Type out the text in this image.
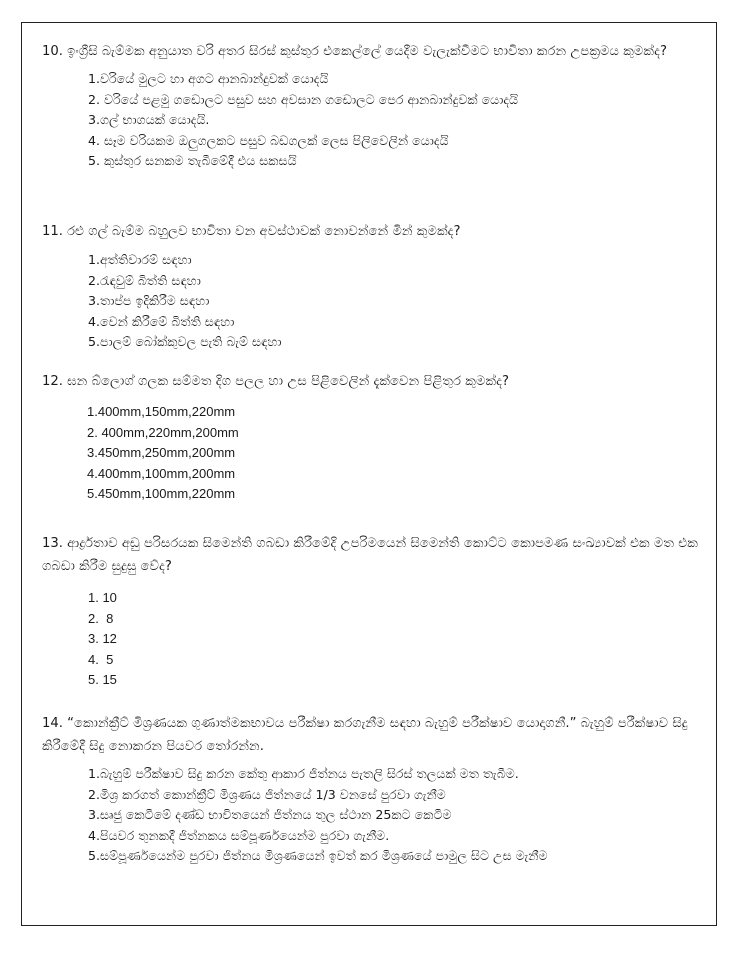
10. ඉංග්‍රීසි බැම්මක අනුයාත වරි අතර සිරස් කුස්තුර එකෙල්ලේ යෙදීම වැලැක්වීමට භාවිතා කරන උපක්‍රමය කුමක්ද?

1.වරියේ මුලට හා අගට ආනබාන්දුවක් යොදයි
2. වරියේ පළමු ගඩොලට පසුව සහ අවසාන ගඩොලට පෙර ආනබාන්දුවක් යොදයි
3.ගල් භාගයක් යොදයි.
4. සෑම වරියකම ඔලුගලකට පසුව බඩගලක් ලෙස පිලිවෙලින් යොදයි
5. කුස්තුර සනකම තැබීමේදී එය සකසයි

11. රළු ගල් බැම්ම බහුලව භාවිතා වන අවස්ථාවක් නොවන්නේ මින් කුමක්ද?

1.අත්තිවාරම් සඳහා
2.රැඳවුම් බිත්ති සඳහා
3.තාප්ප ඉදිකිරීම සඳහා
4.වෙන් කිරීමේ බිත්ති සඳහා
5.පාලම් බෝක්කුවල පැති බැම් සඳහා

12. ඝන බ්ලොග් ගලක සම්මත දිග පලල හා උස පිළිවෙලින් දැක්වෙන පිළිතුර කුමක්ද?

1.400mm,150mm,220mm
2. 400mm,220mm,200mm
3.450mm,250mm,200mm
4.400mm,100mm,200mm
5.450mm,100mm,220mm

13. ආර්ද්‍රතාව අඩු පරිසරයක සිමෙන්ති ගබඩා කිරීමේදි උපරිමයෙන් සිමෙන්ති කොට්ට කොපමණ සංඛ්‍යාවක් එක මත එක ගබඩා කිරීම සුදුසු වේද?

1. 10
2.  8
3. 12
4.  5
5. 15

14. “කොන්ක්‍රීට් මිශ්‍රණයක ගුණාත්මකභාවය පරීක්ෂා කරගැනීම සඳහා බැහුම් පරීක්ෂාව යොදාගනී.” බැහුම් පරීක්ෂාව සිදු කිරීමේදී සිදු නොකරන පියවර තෝරන්න.

1.බැහුම් පරීක්ෂාව සිදු කරන කේතු ආකාර ජිත්නය පැතලි සිරස් තලයක් මත තැබීම.
2.මිශ්‍ර කරගත් කොන්ක්‍රීට් මිශ්‍රණය ජිත්නයේ 1/3 වනසේ පුරවා ගැනීම
3.සෘජු කෙටීමේ දණ්ඩ භාවිතයෙන් ජිත්නය තුල ස්ථාන 25කට කෙටීම
4.පියවර තුනකදී ජිත්නකය සම්පූර්ණයෙන්ම පුරවා ගැනීම.
5.සම්පූර්ණයෙන්ම පුරවා ජිත්නය මිශ්‍රණයෙන් ඉවත් කර මිශ්‍රණයේ පාමුල සිට උස මැනීම
